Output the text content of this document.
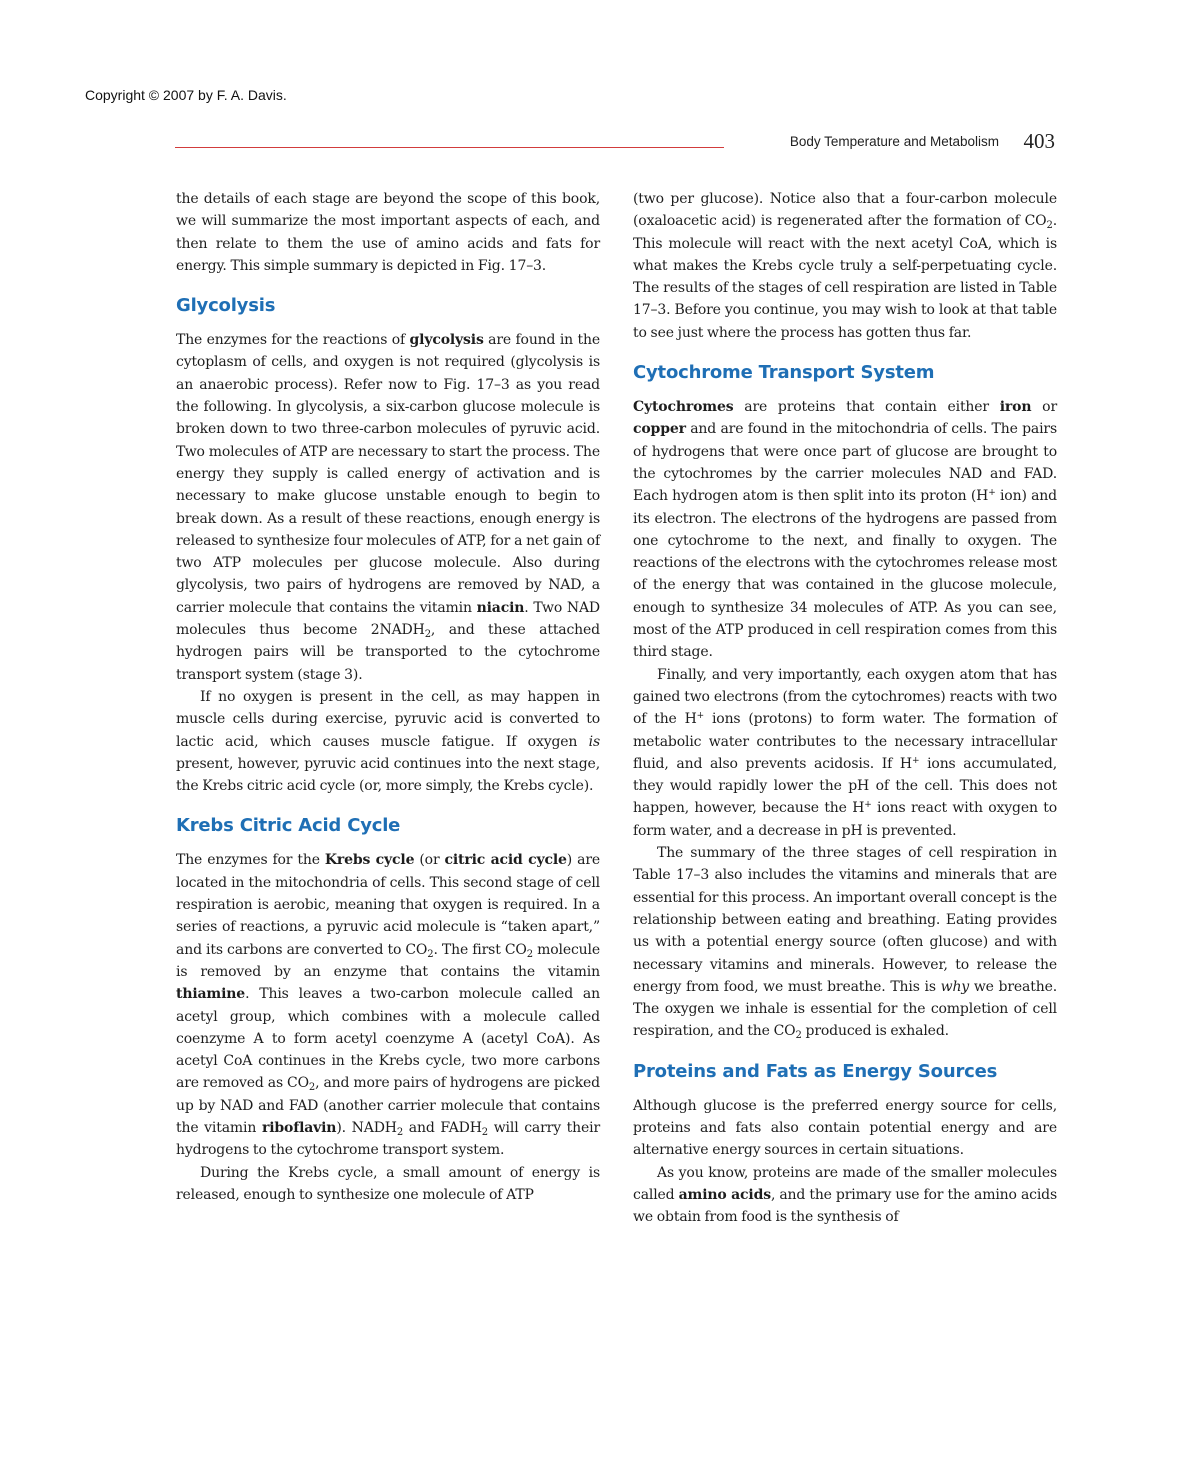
Copyright © 2007 by F. A. Davis.
Body Temperature and Metabolism 403

the details of each stage are beyond the scope of this book, we will summarize the most important aspects of each, and then relate to them the use of amino acids and fats for energy. This simple summary is depicted in Fig. 17–3.

Glycolysis

The enzymes for the reactions of glycolysis are found in the cytoplasm of cells, and oxygen is not required (glycolysis is an anaerobic process). Refer now to Fig. 17–3 as you read the following. In glycolysis, a six-carbon glucose molecule is broken down to two three-carbon molecules of pyruvic acid. Two molecules of ATP are necessary to start the process. The energy they supply is called energy of activation and is necessary to make glucose unstable enough to begin to break down. As a result of these reactions, enough energy is released to synthesize four molecules of ATP, for a net gain of two ATP molecules per glucose molecule. Also during glycolysis, two pairs of hydrogens are removed by NAD, a carrier molecule that contains the vitamin niacin. Two NAD molecules thus become $2NADH_2$, and these attached hydrogen pairs will be transported to the cytochrome transport system (stage 3).

If no oxygen is present in the cell, as may happen in muscle cells during exercise, pyruvic acid is converted to lactic acid, which causes muscle fatigue. If oxygen is present, however, pyruvic acid continues into the next stage, the Krebs citric acid cycle (or, more simply, the Krebs cycle).

Krebs Citric Acid Cycle

The enzymes for the Krebs cycle (or citric acid cycle) are located in the mitochondria of cells. This second stage of cell respiration is aerobic, meaning that oxygen is required. In a series of reactions, a pyruvic acid molecule is “taken apart,” and its carbons are converted to $CO_2$. The first $CO_2$ molecule is removed by an enzyme that contains the vitamin thiamine. This leaves a two-carbon molecule called an acetyl group, which combines with a molecule called coenzyme A to form acetyl coenzyme A (acetyl CoA). As acetyl CoA continues in the Krebs cycle, two more carbons are removed as $CO_2$, and more pairs of hydrogens are picked up by NAD and FAD (another carrier molecule that contains the vitamin riboflavin). $NADH_2$ and $FADH_2$ will carry their hydrogens to the cytochrome transport system.

During the Krebs cycle, a small amount of energy is released, enough to synthesize one molecule of ATP

(two per glucose). Notice also that a four-carbon molecule (oxaloacetic acid) is regenerated after the formation of $CO_2$. This molecule will react with the next acetyl CoA, which is what makes the Krebs cycle truly a self-perpetuating cycle. The results of the stages of cell respiration are listed in Table 17–3. Before you continue, you may wish to look at that table to see just where the process has gotten thus far.

Cytochrome Transport System

Cytochromes are proteins that contain either iron or copper and are found in the mitochondria of cells. The pairs of hydrogens that were once part of glucose are brought to the cytochromes by the carrier molecules NAD and FAD. Each hydrogen atom is then split into its proton (H+ ion) and its electron. The electrons of the hydrogens are passed from one cytochrome to the next, and finally to oxygen. The reactions of the electrons with the cytochromes release most of the energy that was contained in the glucose molecule, enough to synthesize 34 molecules of ATP. As you can see, most of the ATP produced in cell respiration comes from this third stage.

Finally, and very importantly, each oxygen atom that has gained two electrons (from the cytochromes) reacts with two of the H+ ions (protons) to form water. The formation of metabolic water contributes to the necessary intracellular fluid, and also prevents acidosis. If H+ ions accumulated, they would rapidly lower the pH of the cell. This does not happen, however, because the H+ ions react with oxygen to form water, and a decrease in pH is prevented.

The summary of the three stages of cell respiration in Table 17–3 also includes the vitamins and minerals that are essential for this process. An important overall concept is the relationship between eating and breathing. Eating provides us with a potential energy source (often glucose) and with necessary vitamins and minerals. However, to release the energy from food, we must breathe. This is why we breathe. The oxygen we inhale is essential for the completion of cell respiration, and the $CO_2$ produced is exhaled.

Proteins and Fats as Energy Sources

Although glucose is the preferred energy source for cells, proteins and fats also contain potential energy and are alternative energy sources in certain situations.

As you know, proteins are made of the smaller molecules called amino acids, and the primary use for the amino acids we obtain from food is the synthesis of
